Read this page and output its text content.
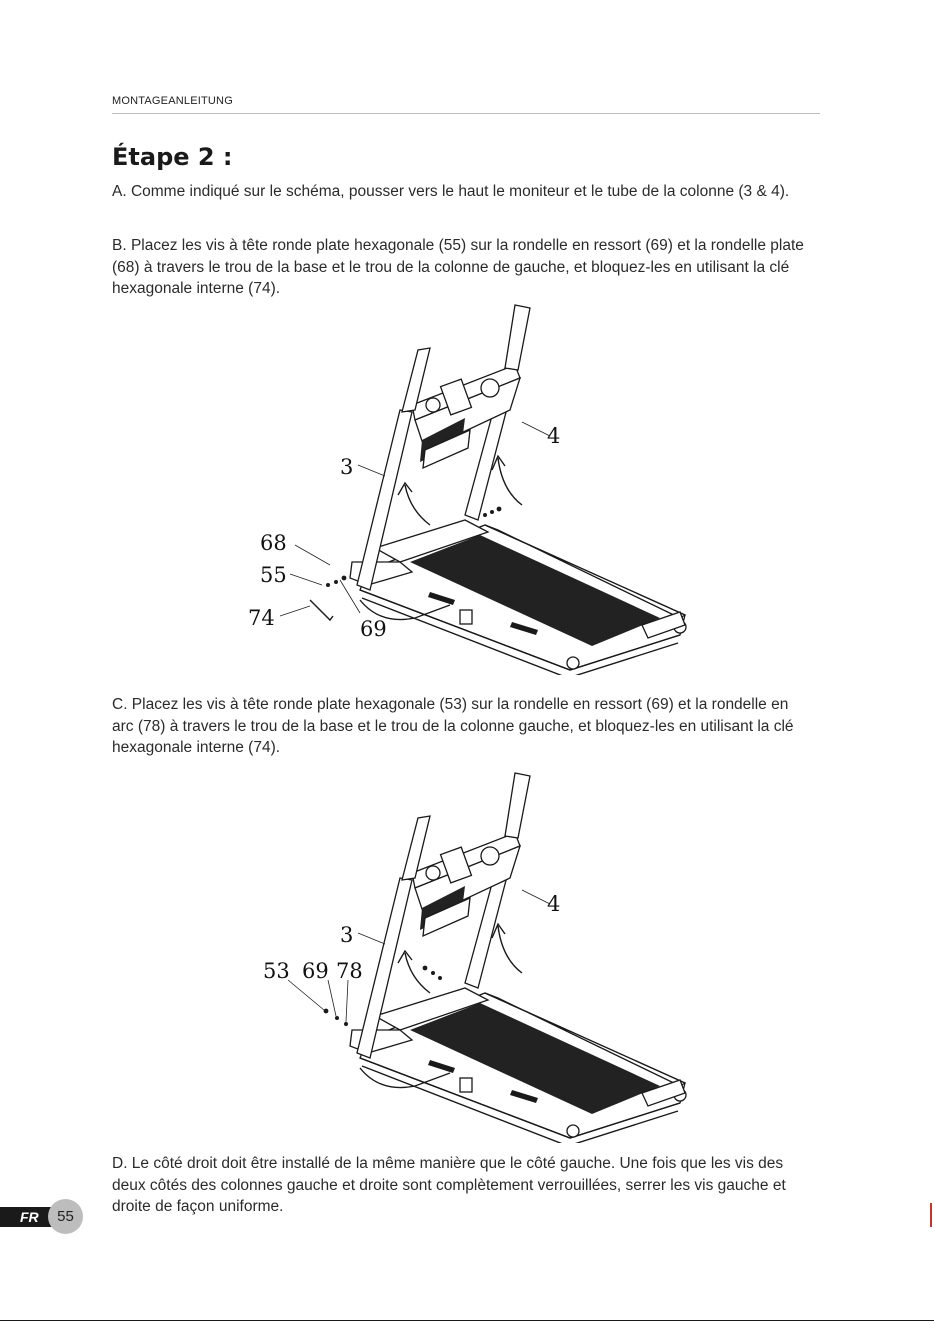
MONTAGEANLEITUNG
Étape 2 :

A. Comme indiqué sur le schéma, pousser vers le haut le moniteur et le tube de la colonne (3 & 4).

B. Placez les vis à tête ronde plate hexagonale (55) sur la rondelle en ressort (69) et la rondelle plate (68) à travers le trou de la base et le trou de la colonne de gauche, et bloquez-les en utilisant la clé hexagonale interne (74).

4
3
68
55
74	69

C. Placez les vis à tête ronde plate hexagonale (53) sur la rondelle en ressort (69) et la rondelle en arc (78) à travers le trou de la base et le trou de la colonne gauche, et bloquez-les en utilisant la clé hexagonale interne (74).

4
3
53 69 78

D. Le côté droit doit être installé de la même manière que le côté gauche. Une fois que les vis des deux côtés des colonnes gauche et droite sont complètement verrouillées, serrer les vis gauche et droite de façon uniforme.

FR	55
